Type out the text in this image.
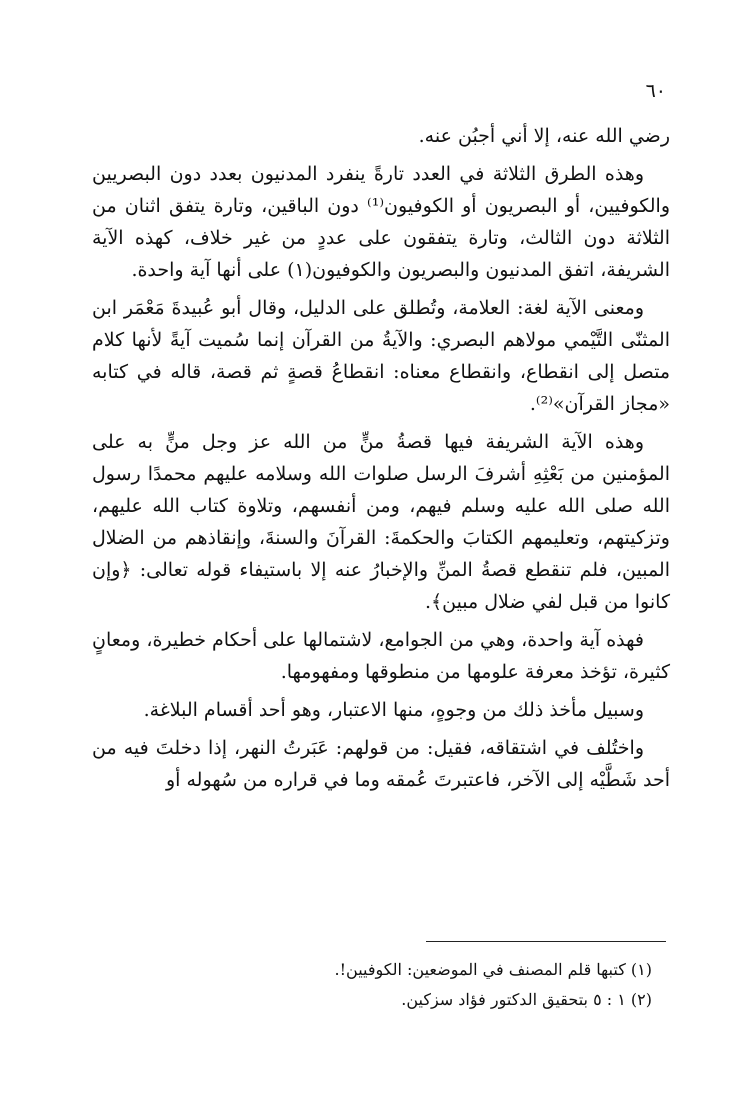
٦٠

رضي الله عنه، إلا أني أجبُن عنه.

وهذه الطرق الثلاثة في العدد تارةً ينفرد المدنيون بعدد دون البصريين والكوفيين، أو البصريون أو الكوفيون⁽¹⁾ دون الباقين، وتارة يتفق اثنان من الثلاثة دون الثالث، وتارة يتفقون على عددٍ من غير خلاف، كهذه الآية الشريفة، اتفق المدنيون والبصريون والكوفيون(١) على أنها آية واحدة.

ومعنى الآية لغة: العلامة، وتُطلق على الدليل، وقال أبو عُبيدةَ مَعْمَر ابن المثنّى التَّيْمي مولاهم البصري: والآيةُ من القرآن إنما سُميت آيةً لأنها كلام متصل إلى انقطاع، وانقطاع معناه: انقطاعُ قصةٍ ثم قصة، قاله في كتابه «مجاز القرآن»⁽²⁾.

وهذه الآية الشريفة فيها قصةُ منٍّ من الله عز وجل منٍّ به على المؤمنين من بَعْثِهِ أشرفَ الرسل صلوات الله وسلامه عليهم محمدًا رسول الله صلى الله عليه وسلم فيهم، ومن أنفسهم، وتلاوة كتاب الله عليهم، وتزكيتهم، وتعليمهم الكتابَ والحكمةَ: القرآنَ والسنةَ، وإنقاذهم من الضلال المبين، فلم تنقطع قصةُ المنِّ والإخبارُ عنه إلا باستيفاء قوله تعالى: ﴿وإن كانوا من قبل لفي ضلال مبين﴾.

فهذه آية واحدة، وهي من الجوامع، لاشتمالها على أحكام خطيرة، ومعانٍ كثيرة، تؤخذ معرفة علومها من منطوقها ومفهومها.

وسبيل مأخذ ذلك من وجوهٍ، منها الاعتبار، وهو أحد أقسام البلاغة.

واختُلف في اشتقاقه، فقيل: من قولهم: عَبَرتُ النهر، إذا دخلتَ فيه من أحد شَطَّيْه إلى الآخر، فاعتبرتَ عُمقه وما في قراره من سُهوله أو

(١) كتبها قلم المصنف في الموضعين: الكوفيين!.

(٢) ١ : ٥ بتحقيق الدكتور فؤاد سزكين.
